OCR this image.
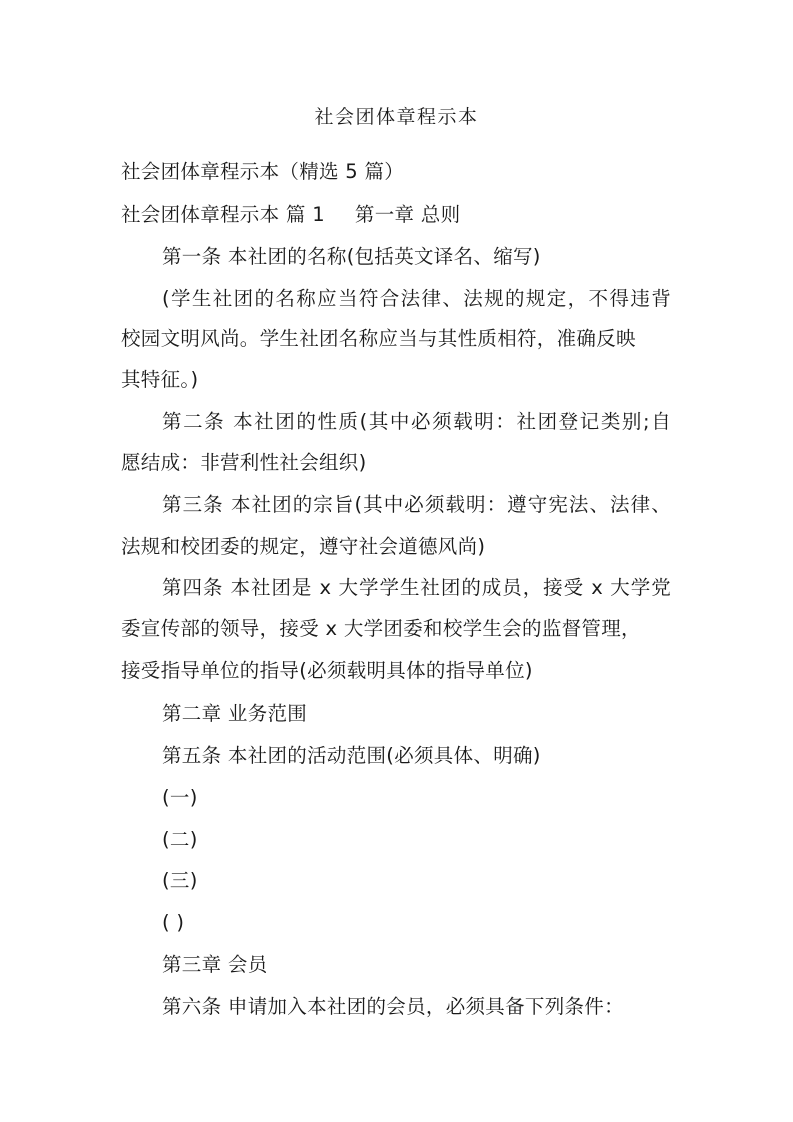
社会团体章程示本
社会团体章程示本（精选 5 篇）
社会团体章程示本 篇 1 第一章 总则
第一条 本社团的名称(包括英文译名、缩写)
(学生社团的名称应当符合法律、法规的规定，不得违背
校园文明风尚。学生社团名称应当与其性质相符，准确反映
其特征。)
第二条 本社团的性质(其中必须载明：社团登记类别;自
愿结成：非营利性社会组织)
第三条 本社团的宗旨(其中必须载明：遵守宪法、法律、
法规和校团委的规定，遵守社会道德风尚)
第四条 本社团是 x 大学学生社团的成员，接受 x 大学党
委宣传部的领导，接受 x 大学团委和校学生会的监督管理，
接受指导单位的指导(必须载明具体的指导单位)
第二章 业务范围
第五条 本社团的活动范围(必须具体、明确)
(一)
(二)
(三)
( )
第三章 会员
第六条 申请加入本社团的会员，必须具备下列条件：
